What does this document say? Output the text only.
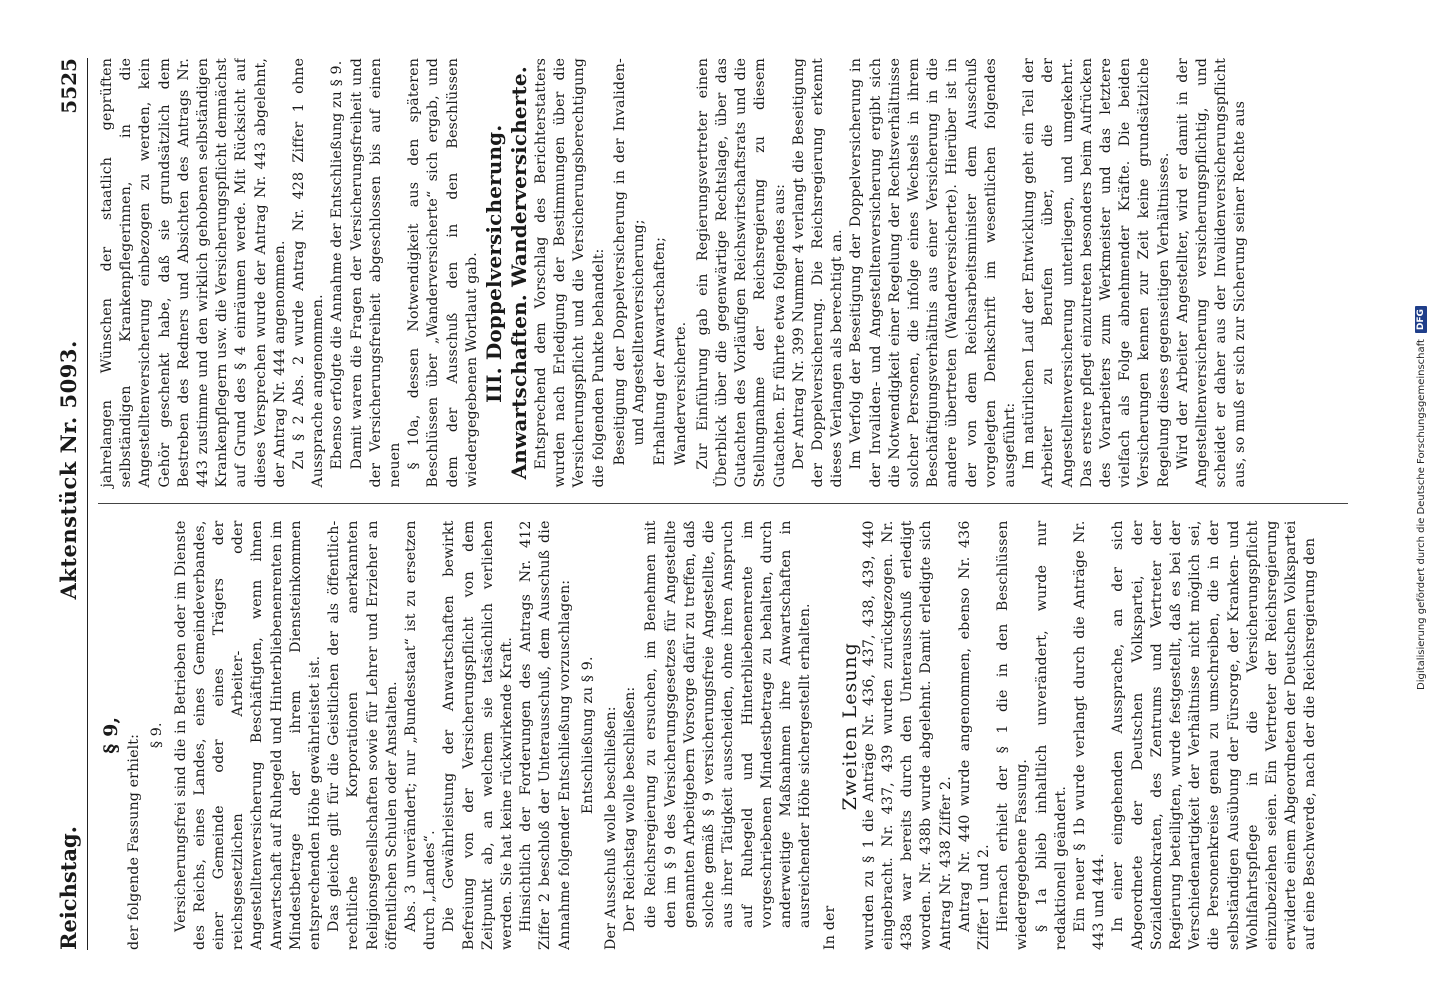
Reichstag.
Aktenstück Nr. 5093.
5525

§ 9, der folgende Fassung erhielt: § 9. Versicherungsfrei sind die in Betrieben oder im Dienste des Reichs, eines Landes, eines Gemeindeverbandes, einer Gemeinde oder eines Trägers der reichsgesetzlichen Arbeiter- oder Angestelltenversicherung Beschäftigten, wenn ihnen Anwartschaft auf Ruhegeld und Hinterbliebenenrenten im Mindestbetrage der ihrem Diensteinkommen entsprechenden Höhe gewährleistet ist. Das gleiche gilt für die Geistlichen der als öffentlich-rechtliche Korporationen anerkannten Religionsgesellschaften sowie für Lehrer und Erzieher an öffentlichen Schulen oder Anstalten. Abs. 3 unverändert; nur „Bundesstaat“ ist zu ersetzen durch „Landes“. Die Gewährleistung der Anwartschaften bewirkt Befreiung von der Versicherungspflicht von dem Zeitpunkt ab, an welchem sie tatsächlich verliehen werden. Sie hat keine rückwirkende Kraft. Hinsichtlich der Forderungen des Antrags Nr. 412 Ziffer 2 beschloß der Unterausschuß, dem Ausschuß die Annahme folgender Entschließung vorzuschlagen: Entschließung zu § 9. Der Ausschuß wolle beschließen: Der Reichstag wolle beschließen: die Reichsregierung zu ersuchen, im Benehmen mit den im § 9 des Versicherungsgesetzes für Angestellte genannten Arbeitgebern Vorsorge dafür zu treffen, daß solche gemäß § 9 versicherungsfreie Angestellte, die aus ihrer Tätigkeit ausscheiden, ohne ihren Anspruch auf Ruhegeld und Hinterbliebenenrente im vorgeschriebenen Mindestbetrage zu behalten, durch anderweitige Maßnahmen ihre Anwartschaften in ausreichender Höhe sichergestellt erhalten. In der

Zweiten Lesung wurden zu § 1 die Anträge Nr. 436, 437, 438, 439, 440 eingebracht. Nr. 437, 439 wurden zurückgezogen. Nr. 438a war bereits durch den Unterausschuß erledigt worden. Nr. 438b wurde abgelehnt. Damit erledigte sich Antrag Nr. 438 Ziffer 2. Antrag Nr. 440 wurde angenommen, ebenso Nr. 436 Ziffer 1 und 2. Hiernach erhielt der § 1 die in den Beschlüssen wiedergegebene Fassung. § 1a blieb inhaltlich unverändert, wurde nur redaktionell geändert. Ein neuer § 1b wurde verlangt durch die Anträge Nr. 443 und 444. In einer eingehenden Aussprache, an der sich Abgeordnete der Deutschen Volkspartei, der Sozialdemokraten, des Zentrums und Vertreter der Regierung beteiligten, wurde festgestellt, daß es bei der Verschiedenartigkeit der Verhältnisse nicht möglich sei, die Personenkreise genau zu umschreiben, die in der selbständigen Ausübung der Fürsorge, der Kranken- und Wohlfahrtspflege in die Versicherungspflicht einzubeziehen seien. Ein Vertreter der Reichsregierung erwiderte einem Abgeordneten der Deutschen Volkspartei auf eine Beschwerde, nach der die Reichsregierung den

jahrelangen Wünschen der staatlich geprüften selbständigen Krankenpflegerinnen, in die Angestelltenversicherung einbezogen zu werden, kein Gehör geschenkt habe, daß sie grundsätzlich dem Bestreben des Redners und Absichten des Antrags Nr. 443 zustimme und den wirklich gehobenen selbständigen Krankenpflegern usw. die Versicherungspflicht demnächst auf Grund des § 4 einräumen werde. Mit Rücksicht auf dieses Versprechen wurde der Antrag Nr. 443 abgelehnt, der Antrag Nr. 444 angenommen. Zu § 2 Abs. 2 wurde Antrag Nr. 428 Ziffer 1 ohne Aussprache angenommen. Ebenso erfolgte die Annahme der Entschließung zu § 9. Damit waren die Fragen der Versicherungsfreiheit und der Versicherungsfreiheit abgeschlossen bis auf einen neuen § 10a, dessen Notwendigkeit aus den späteren Beschlüssen über „Wanderversicherte“ sich ergab, und dem der Ausschuß den in den Beschlüssen wiedergegebenen Wortlaut gab. III. Doppelversicherung. Anwartschaften. Wanderversicherte. Entsprechend dem Vorschlag des Berichterstatters wurden nach Erledigung der Bestimmungen über die Versicherungspflicht und die Versicherungsberechtigung die folgenden Punkte behandelt: Beseitigung der Doppelversicherung in der Invaliden- und Angestelltenversicherung; Erhaltung der Anwartschaften; Wanderversicherte. Zur Einführung gab ein Regierungsvertreter einen Überblick über die gegenwärtige Rechtslage, über das Gutachten des Vorläufigen Reichswirtschaftsrats und die Stellungnahme der Reichsregierung zu diesem Gutachten. Er führte etwa folgendes aus: Der Antrag Nr. 399 Nummer 4 verlangt die Beseitigung der Doppelversicherung. Die Reichsregierung erkennt dieses Verlangen als berechtigt an. Im Verfolg der Beseitigung der Doppelversicherung in der Invaliden- und Angestelltenversicherung ergibt sich die Notwendigkeit einer Regelung der Rechtsverhältnisse solcher Personen, die infolge eines Wechsels in ihrem Beschäftigungsverhältnis aus einer Versicherung in die andere übertreten (Wanderversicherte). Hierüber ist in der von dem Reichsarbeitsminister dem Ausschuß vorgelegten Denkschrift im wesentlichen folgendes ausgeführt: Im natürlichen Lauf der Entwicklung geht ein Teil der Arbeiter zu Berufen über, die der Angestelltenversicherung unterliegen, und umgekehrt. Das erstere pflegt einzutreten besonders beim Aufrücken des Vorarbeiters zum Werkmeister und das letztere vielfach als Folge abnehmender Kräfte. Die beiden Versicherungen kennen zur Zeit keine grundsätzliche Regelung dieses gegenseitigen Verhältnisses. Wird der Arbeiter Angestellter, wird er damit in der Angestelltenversicherung versicherungspflichtig, und scheidet er daher aus der Invalidenversicherungspflicht aus, so muß er sich zur Sicherung seiner Rechte aus

Digitalisierung gefördert durch die Deutsche Forschungsgemeinschaft
DFG
